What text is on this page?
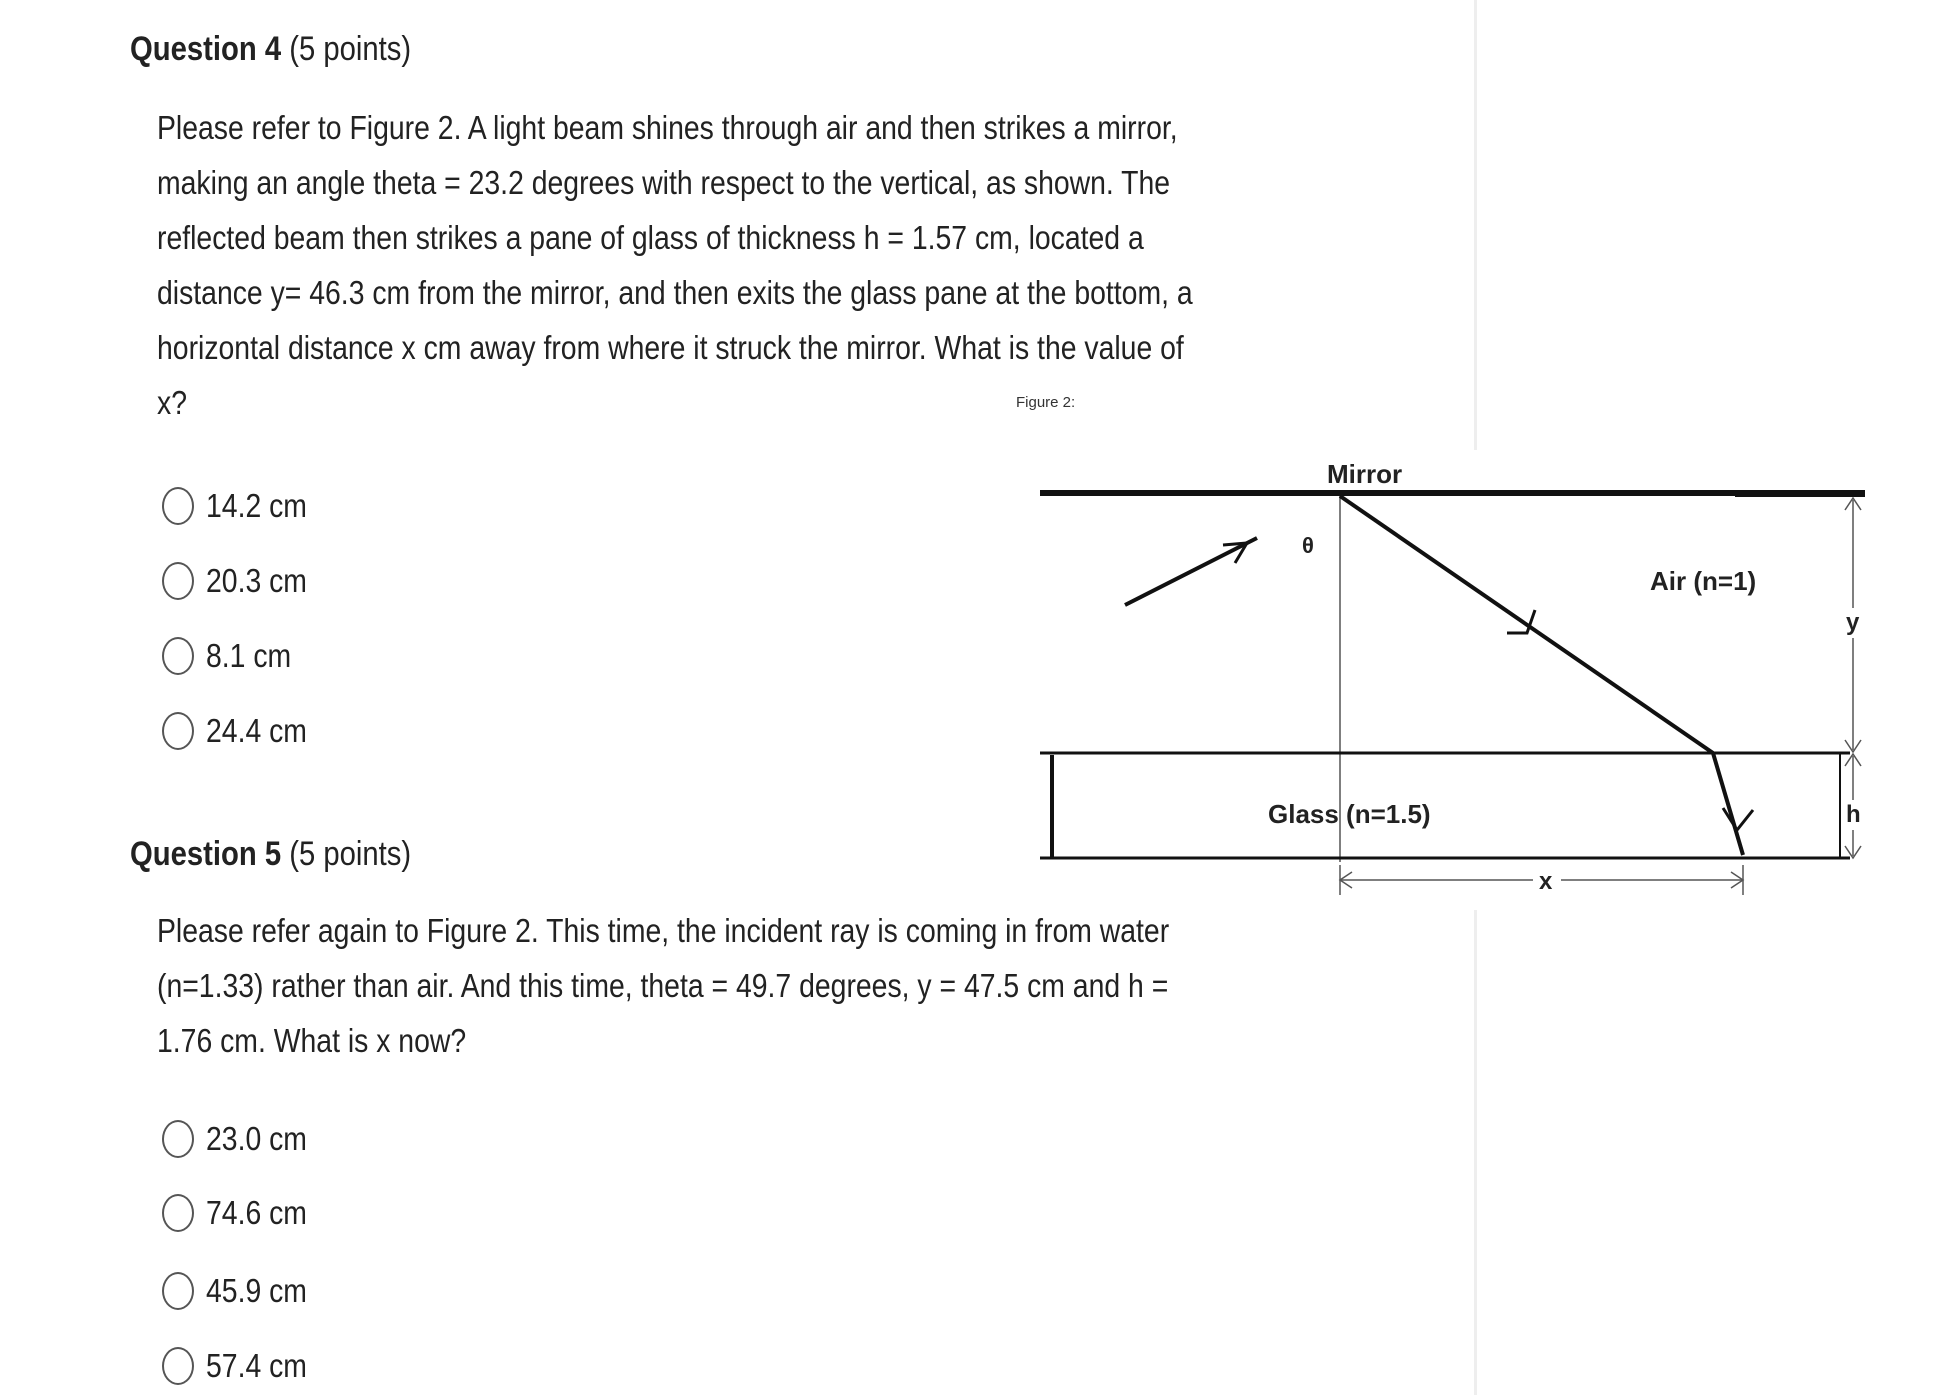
Question 4 (5 points)
Please refer to Figure 2. A light beam shines through air and then strikes a mirror,
making an angle theta = 23.2 degrees with respect to the vertical, as shown. The
reflected beam then strikes a pane of glass of thickness h = 1.57 cm, located a
distance y= 46.3 cm from the mirror, and then exits the glass pane at the bottom, a
horizontal distance x cm away from where it struck the mirror. What is the value of
x?
14.2 cm
20.3 cm
8.1 cm
24.4 cm
Question 5 (5 points)
Please refer again to Figure 2. This time, the incident ray is coming in from water
(n=1.33) rather than air. And this time, theta = 49.7 degrees, y = 47.5 cm and h =
1.76 cm. What is x now?
23.0 cm
74.6 cm
45.9 cm
57.4 cm
Figure 2:
Mirror
θ
Air (n=1)
Glass (n=1.5)
y
h
x
